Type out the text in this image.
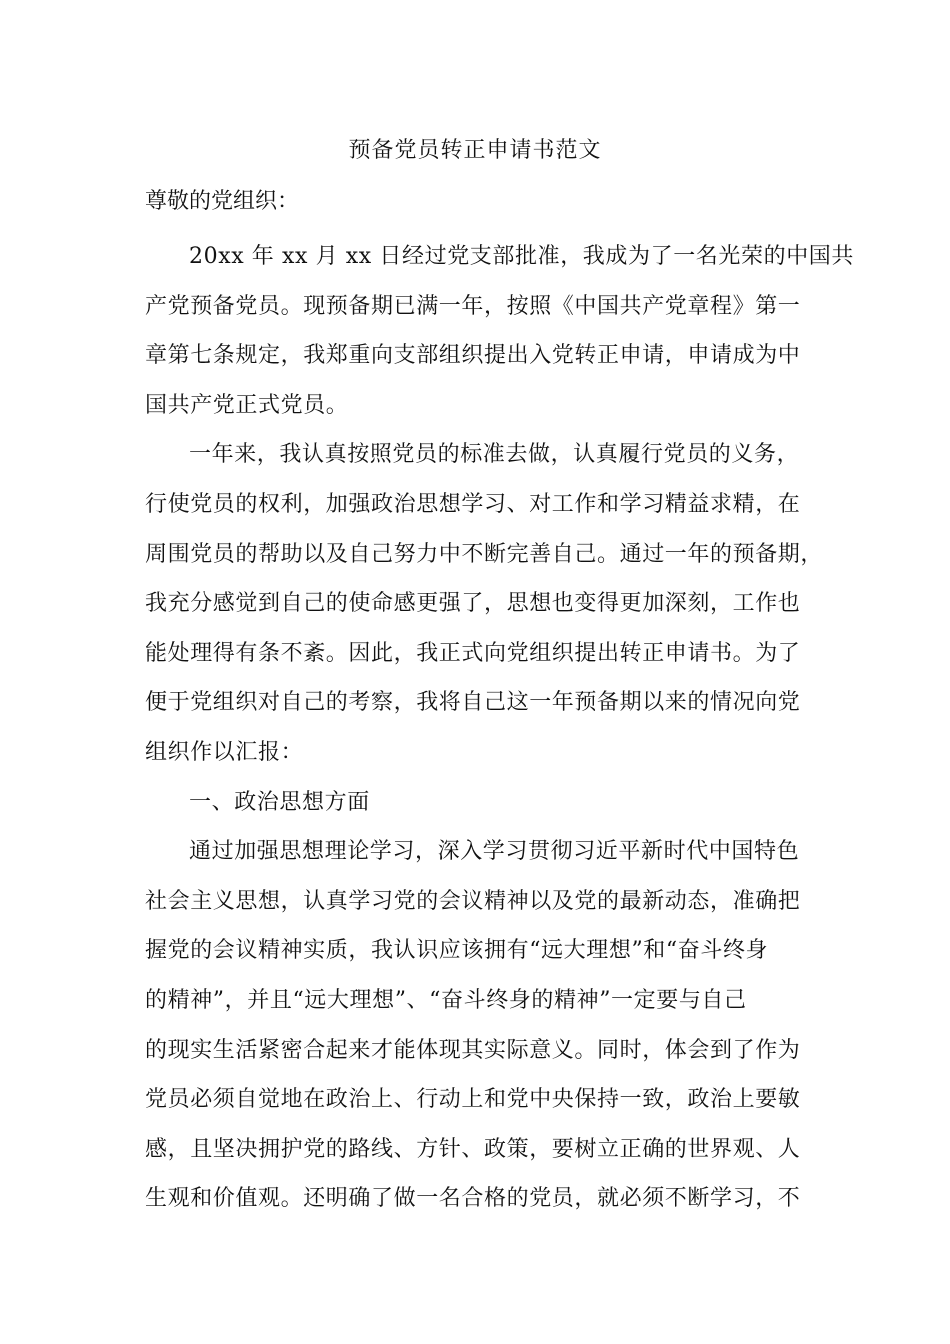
预备党员转正申请书范文
尊敬的党组织：

20xx 年 xx 月 xx 日经过党支部批准，我成为了一名光荣的中国共
产党预备党员。现预备期已满一年，按照《中国共产党章程》第一
章第七条规定，我郑重向支部组织提出入党转正申请，申请成为中
国共产党正式党员。

一年来，我认真按照党员的标准去做，认真履行党员的义务，
行使党员的权利，加强政治思想学习、对工作和学习精益求精，在
周围党员的帮助以及自己努力中不断完善自己。通过一年的预备期，
我充分感觉到自己的使命感更强了，思想也变得更加深刻，工作也
能处理得有条不紊。因此，我正式向党组织提出转正申请书。为了
便于党组织对自己的考察，我将自己这一年预备期以来的情况向党
组织作以汇报：

一、政治思想方面

通过加强思想理论学习，深入学习贯彻习近平新时代中国特色
社会主义思想，认真学习党的会议精神以及党的最新动态，准确把
握党的会议精神实质，我认识应该拥有“远大理想”和“奋斗终身
的精神”，并且“远大理想”、“奋斗终身的精神”一定要与自己
的现实生活紧密合起来才能体现其实际意义。同时，体会到了作为
党员必须自觉地在政治上、行动上和党中央保持一致，政治上要敏
感，且坚决拥护党的路线、方针、政策，要树立正确的世界观、人
生观和价值观。还明确了做一名合格的党员，就必须不断学习，不
